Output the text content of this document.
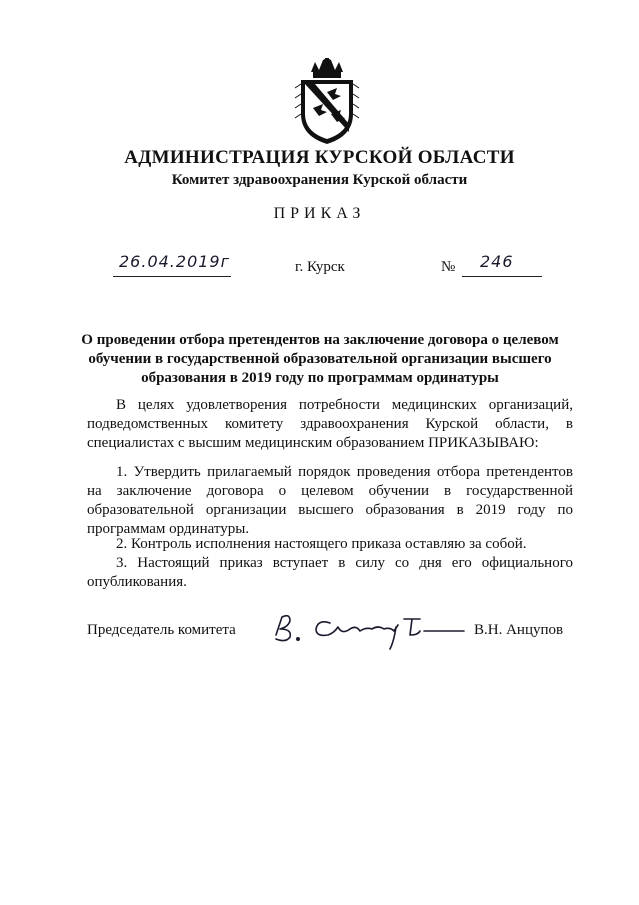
АДМИНИСТРАЦИЯ КУРСКОЙ ОБЛАСТИ
Комитет здравоохранения Курской области
ПРИКАЗ
26.04.2019г	г. Курск	№ 246

О проведении отбора претендентов на заключение договора о целевом обучении в государственной образовательной организации высшего образования в 2019 году по программам ординатуры

В целях удовлетворения потребности медицинских организаций, подведомственных комитету здравоохранения Курской области, в специалистах с высшим медицинским образованием ПРИКАЗЫВАЮ:

1. Утвердить прилагаемый порядок проведения отбора претендентов на заключение договора о целевом обучении в государственной образовательной организации высшего образования в 2019 году по программам ординатуры.

2. Контроль исполнения настоящего приказа оставляю за собой.

3. Настоящий приказ вступает в силу со дня его официального опубликования.

Председатель комитета	В.Н. Анцупов
